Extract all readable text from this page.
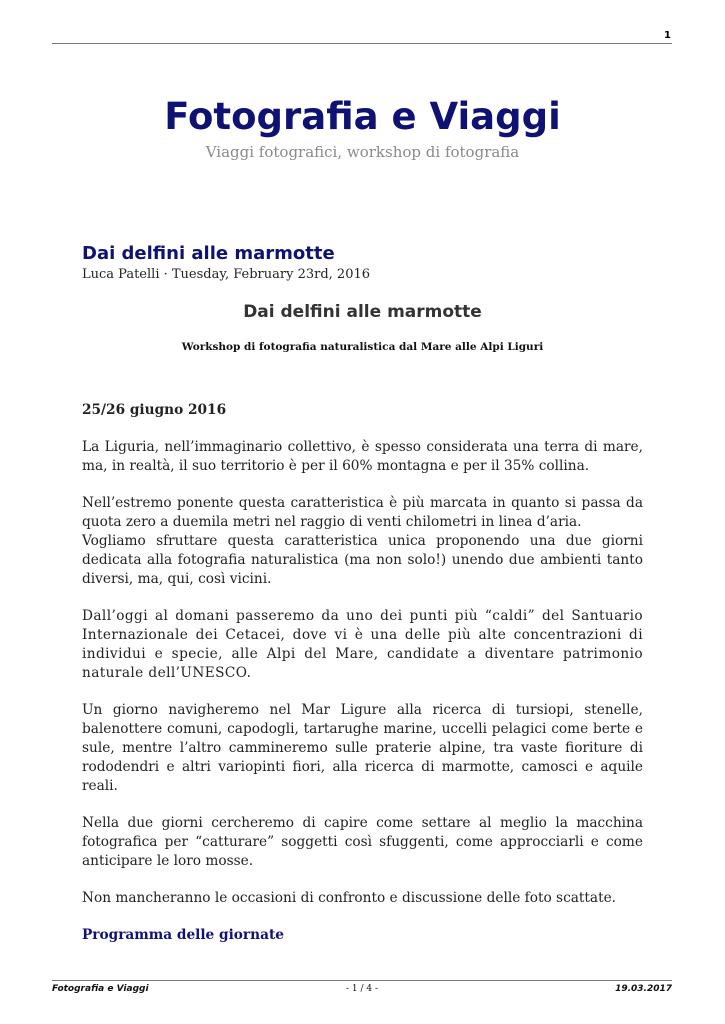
1
Fotografia e Viaggi
Viaggi fotografici, workshop di fotografia
Dai delfini alle marmotte
Luca Patelli · Tuesday, February 23rd, 2016
Dai delfini alle marmotte
Workshop di fotografia naturalistica dal Mare alle Alpi Liguri

25/26 giugno 2016

La Liguria, nell’immaginario collettivo, è spesso considerata una terra di mare, ma, in realtà, il suo territorio è per il 60% montagna e per il 35% collina.

Nell’estremo ponente questa caratteristica è più marcata in quanto si passa da quota zero a duemila metri nel raggio di venti chilometri in linea d’aria.

Vogliamo sfruttare questa caratteristica unica proponendo una due giorni dedicata alla fotografia naturalistica (ma non solo!) unendo due ambienti tanto diversi, ma, qui, così vicini.

Dall’oggi al domani passeremo da uno dei punti più “caldi” del Santuario Internazionale dei Cetacei, dove vi è una delle più alte concentrazioni di individui e specie, alle Alpi del Mare, candidate a diventare patrimonio naturale dell’UNESCO.

Un giorno navigheremo nel Mar Ligure alla ricerca di tursiopi, stenelle, balenottere comuni, capodogli, tartarughe marine, uccelli pelagici come berte e sule, mentre l’altro cammineremo sulle praterie alpine, tra vaste fioriture di rododendri e altri variopinti fiori, alla ricerca di marmotte, camosci e aquile reali.

Nella due giorni cercheremo di capire come settare al meglio la macchina fotografica per “catturare” soggetti così sfuggenti, come approcciarli e come anticipare le loro mosse.

Non mancheranno le occasioni di confronto e discussione delle foto scattate.

Programma delle giornate

- 1 / 4 -
Fotografia e Viaggi	19.03.2017
